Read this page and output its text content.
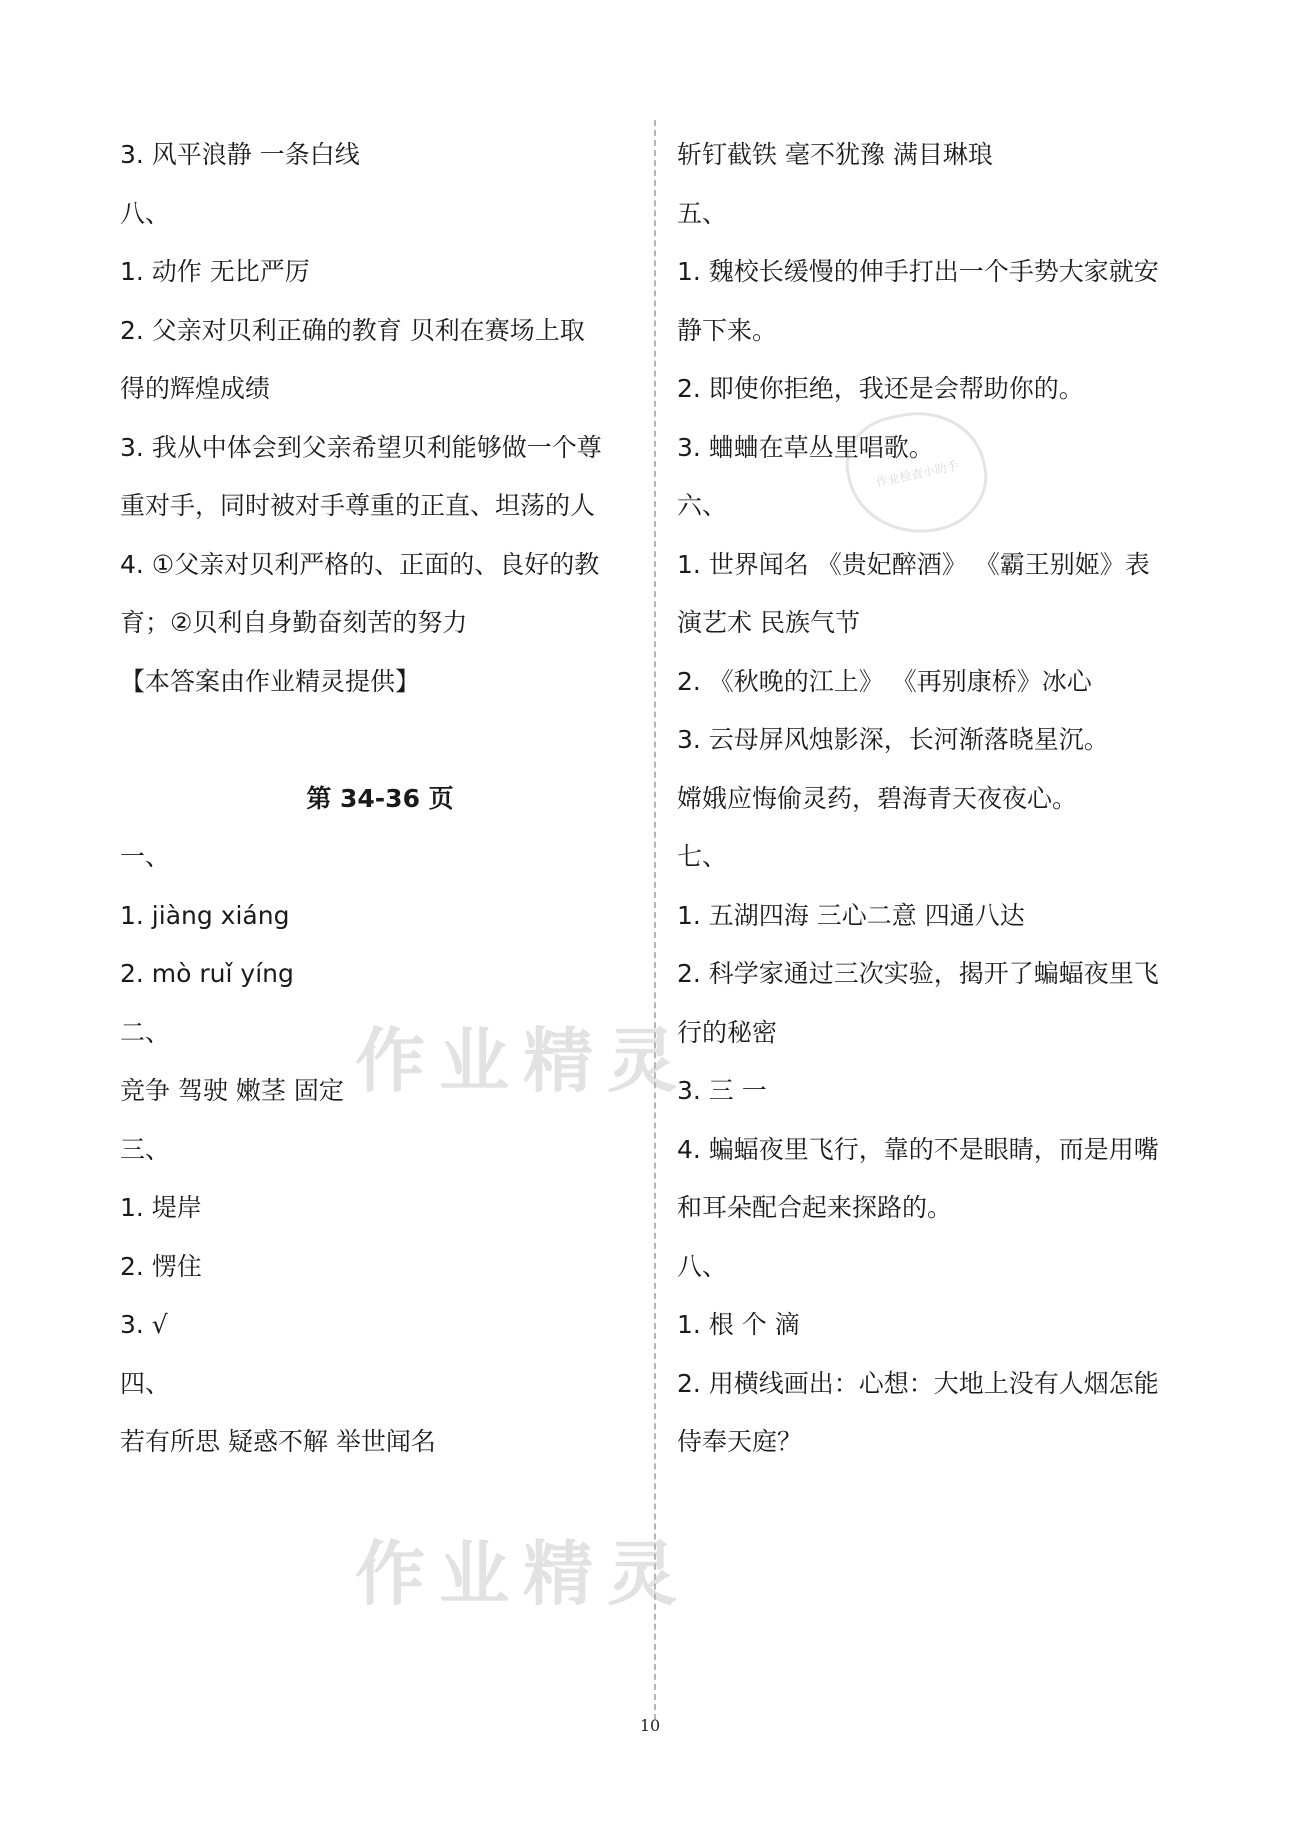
作业精灵
作业精灵
作业检查小助手
3. 风平浪静 一条白线
八、
1. 动作 无比严厉
2. 父亲对贝利正确的教育 贝利在赛场上取
得的辉煌成绩
3. 我从中体会到父亲希望贝利能够做一个尊
重对手，同时被对手尊重的正直、坦荡的人
4. ①父亲对贝利严格的、正面的、良好的教
育；②贝利自身勤奋刻苦的努力
【本答案由作业精灵提供】
第 34-36 页
一、
1. jiàng xiáng
2. mò ruǐ yíng
二、
竞争 驾驶 嫩茎 固定
三、
1. 堤岸
2. 愣住
3. √
四、
若有所思 疑惑不解 举世闻名
斩钉截铁 毫不犹豫 满目琳琅
五、
1. 魏校长缓慢的伸手打出一个手势大家就安
静下来。
2. 即使你拒绝，我还是会帮助你的。
3. 蛐蛐在草丛里唱歌。
六、
1. 世界闻名 《贵妃醉酒》 《霸王别姬》表
演艺术 民族气节
2. 《秋晚的江上》 《再别康桥》冰心
3. 云母屏风烛影深，长河渐落晓星沉。
嫦娥应悔偷灵药，碧海青天夜夜心。
七、
1. 五湖四海 三心二意 四通八达
2. 科学家通过三次实验，揭开了蝙蝠夜里飞
行的秘密
3. 三 一
4. 蝙蝠夜里飞行，靠的不是眼睛，而是用嘴
和耳朵配合起来探路的。
八、
1. 根 个 滴
2. 用横线画出：心想：大地上没有人烟怎能
侍奉天庭？
10
